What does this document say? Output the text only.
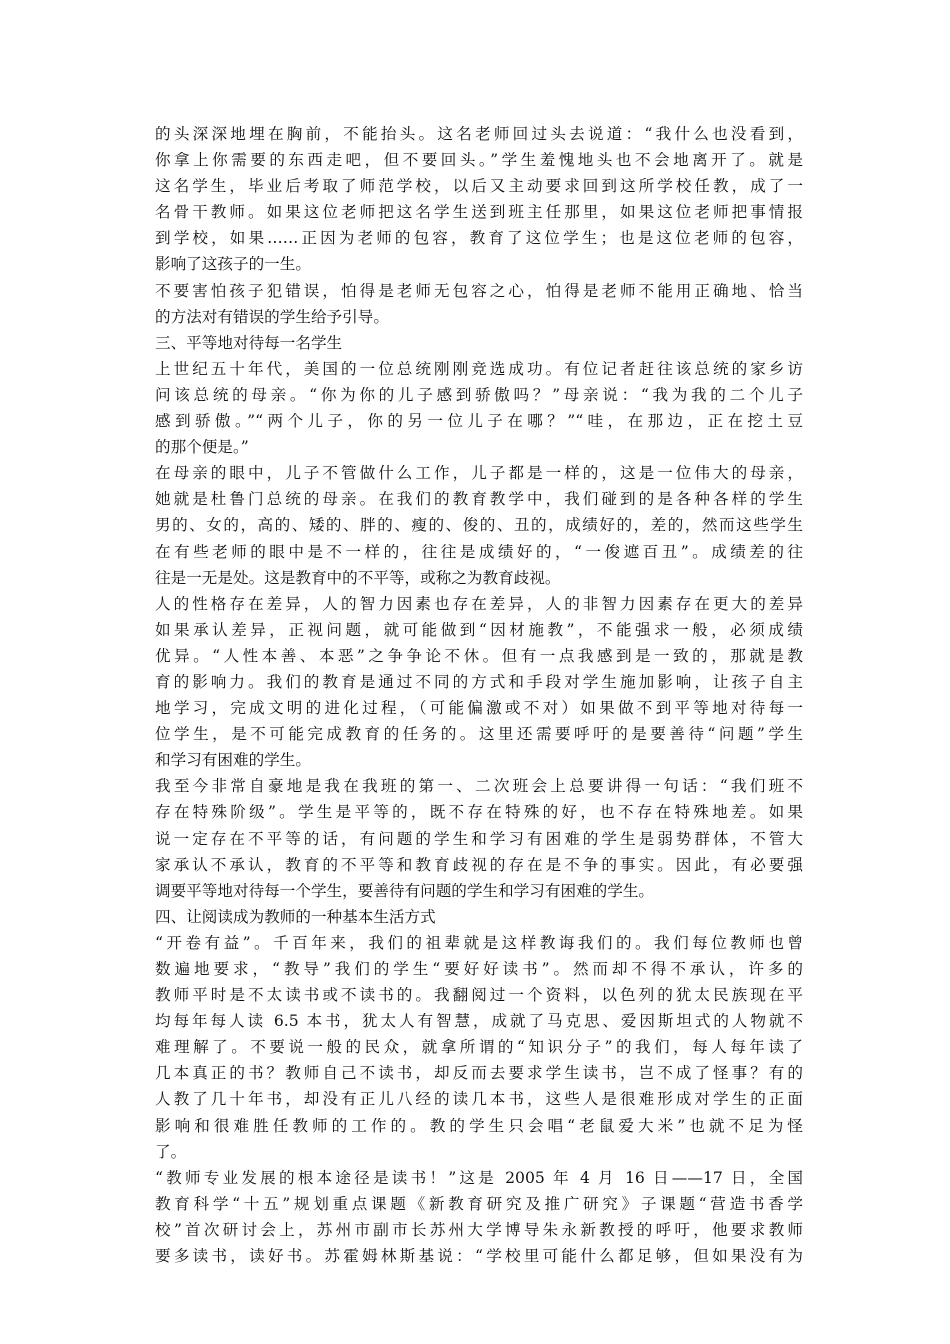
的头深深地埋在胸前，不能抬头。这名老师回过头去说道：“我什么也没看到，
你拿上你需要的东西走吧，但不要回头。”学生羞愧地头也不会地离开了。就是
这名学生，毕业后考取了师范学校，以后又主动要求回到这所学校任教，成了一
名骨干教师。如果这位老师把这名学生送到班主任那里，如果这位老师把事情报
到学校，如果……正因为老师的包容，教育了这位学生；也是这位老师的包容，
影响了这孩子的一生。
不要害怕孩子犯错误，怕得是老师无包容之心，怕得是老师不能用正确地、恰当
的方法对有错误的学生给予引导。
三、平等地对待每一名学生
上世纪五十年代，美国的一位总统刚刚竞选成功。有位记者赶往该总统的家乡访
问该总统的母亲。“你为你的儿子感到骄傲吗？”母亲说：“我为我的二个儿子
感到骄傲。”“两个儿子，你的另一位儿子在哪？”“哇，在那边，正在挖土豆
的那个便是。”
在母亲的眼中，儿子不管做什么工作，儿子都是一样的，这是一位伟大的母亲，
她就是杜鲁门总统的母亲。在我们的教育教学中，我们碰到的是各种各样的学生
男的、女的，高的、矮的、胖的、瘦的、俊的、丑的，成绩好的，差的，然而这些学生
在有些老师的眼中是不一样的，往往是成绩好的，“一俊遮百丑”。成绩差的往
往是一无是处。这是教育中的不平等，或称之为教育歧视。
人的性格存在差异，人的智力因素也存在差异，人的非智力因素存在更大的差异
如果承认差异，正视问题，就可能做到“因材施教”，不能强求一般，必须成绩
优异。“人性本善、本恶”之争争论不休。但有一点我感到是一致的，那就是教
育的影响力。我们的教育是通过不同的方式和手段对学生施加影响，让孩子自主
地学习，完成文明的进化过程，（可能偏激或不对）如果做不到平等地对待每一
位学生，是不可能完成教育的任务的。这里还需要呼吁的是要善待“问题”学生
和学习有困难的学生。
我至今非常自豪地是我在我班的第一、二次班会上总要讲得一句话：“我们班不
存在特殊阶级”。学生是平等的，既不存在特殊的好，也不存在特殊地差。如果
说一定存在不平等的话，有问题的学生和学习有困难的学生是弱势群体，不管大
家承认不承认，教育的不平等和教育歧视的存在是不争的事实。因此，有必要强
调要平等地对待每一个学生，要善待有问题的学生和学习有困难的学生。
四、让阅读成为教师的一种基本生活方式
“开卷有益”。千百年来，我们的祖辈就是这样教诲我们的。我们每位教师也曾
数遍地要求，“教导”我们的学生“要好好读书”。然而却不得不承认，许多的
教师平时是不太读书或不读书的。我翻阅过一个资料，以色列的犹太民族现在平
均每年每人读 6.5 本书，犹太人有智慧，成就了马克思、爱因斯坦式的人物就不
难理解了。不要说一般的民众，就拿所谓的“知识分子”的我们，每人每年读了
几本真正的书？教师自己不读书，却反而去要求学生读书，岂不成了怪事？有的
人教了几十年书，却没有正儿八经的读几本书，这些人是很难形成对学生的正面
影响和很难胜任教师的工作的。教的学生只会唱“老鼠爱大米”也就不足为怪
了。
“教师专业发展的根本途径是读书！”这是 2005 年 4 月 16 日——17 日，全国
教育科学“十五”规划重点课题《新教育研究及推广研究》子课题“营造书香学
校”首次研讨会上，苏州市副市长苏州大学博导朱永新教授的呼吁，他要求教师
要多读书，读好书。苏霍姆林斯基说：“学校里可能什么都足够，但如果没有为
